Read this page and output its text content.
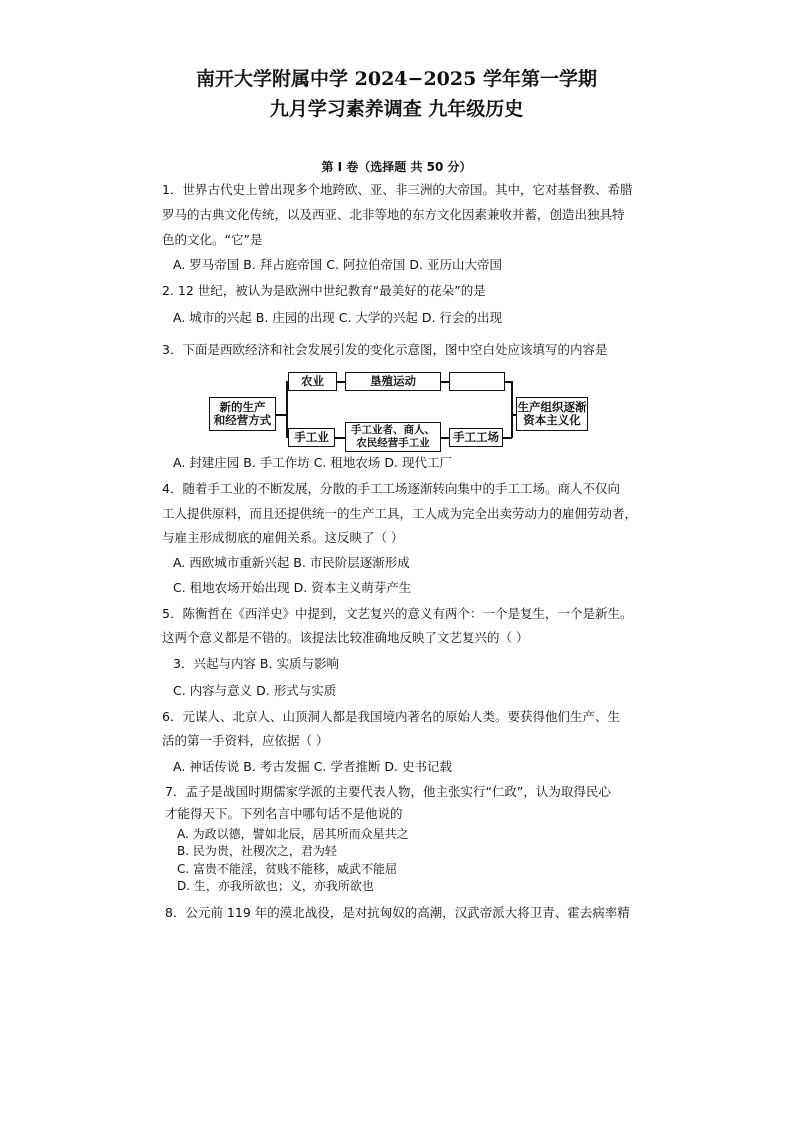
南开大学附属中学 2024−2025 学年第一学期
九月学习素养调查 九年级历史
第 I 卷（选择题 共 50 分）
1．世界古代史上曾出现多个地跨欧、亚、非三洲的大帝国。其中，它对基督教、希腊
罗马的古典文化传统，以及西亚、北非等地的东方文化因素兼收并蓄，创造出独具特
色的文化。“它”是
A. 罗马帝国 B. 拜占庭帝国 C. 阿拉伯帝国 D. 亚历山大帝国
2. 12 世纪，被认为是欧洲中世纪教育“最美好的花朵”的是
A. 城市的兴起 B. 庄园的出现 C. 大学的兴起 D. 行会的出现
3．下面是西欧经济和社会发展引发的变化示意图，图中空白处应该填写的内容是
新的生产
和经营方式
农业	垦殖运动
手工业	手工业者、商人、
农民经营手工业	手工工场
生产组织逐渐
资本主义化
A. 封建庄园 B. 手工作坊 C. 租地农场 D. 现代工厂
4．随着手工业的不断发展，分散的手工工场逐渐转向集中的手工工场。商人不仅向
工人提供原料，而且还提供统一的生产工具，工人成为完全出卖劳动力的雇佣劳动者，
与雇主形成彻底的雇佣关系。这反映了（ ）
A. 西欧城市重新兴起 B. 市民阶层逐渐形成
C. 租地农场开始出现 D. 资本主义萌芽产生
5．陈衡哲在《西洋史》中提到，文艺复兴的意义有两个：一个是复生，一个是新生。
这两个意义都是不错的。该提法比较准确地反映了文艺复兴的（ ）
3．兴起与内容 B. 实质与影响
C. 内容与意义 D. 形式与实质
6．元谋人、北京人、山顶洞人都是我国境内著名的原始人类。要获得他们生产、生
活的第一手资料，应依据（ ）
A. 神话传说 B. 考古发掘 C. 学者推断 D. 史书记载
7．孟子是战国时期儒家学派的主要代表人物，他主张实行“仁政”，认为取得民心
才能得天下。下列名言中哪句话不是他说的
A. 为政以德，譬如北辰，居其所而众星共之
B. 民为贵，社稷次之，君为轻
C. 富贵不能淫，贫贱不能移，威武不能屈
D. 生，亦我所欲也；义，亦我所欲也
8．公元前 119 年的漠北战役，是对抗匈奴的高潮，汉武帝派大将卫青、霍去病率精
